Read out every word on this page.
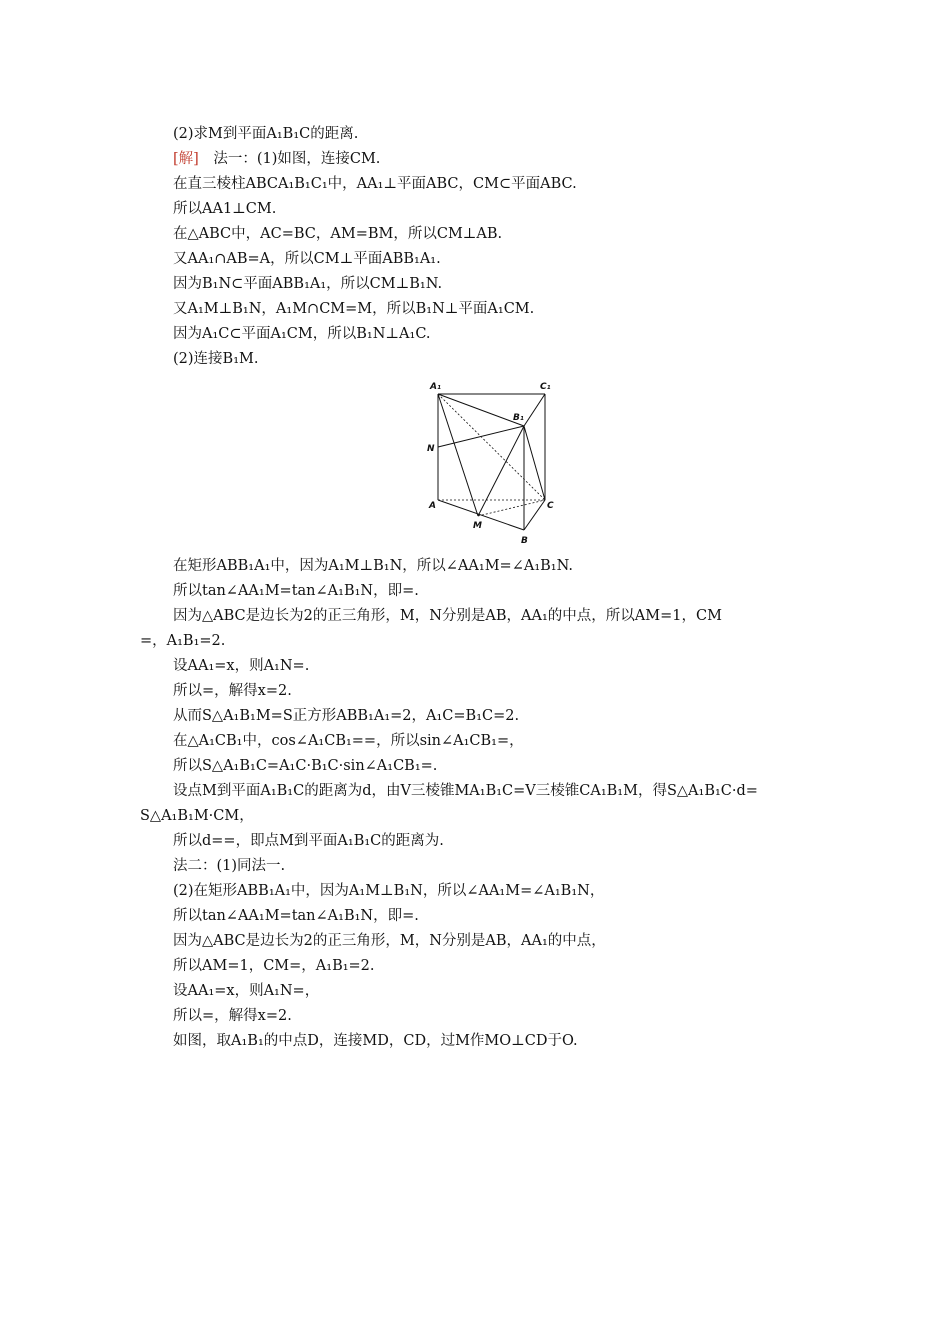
(2)求M到平面A₁B₁C的距离.
[解]　法一：(1)如图，连接CM.
在直三棱柱ABCA₁B₁C₁中，AA₁⊥平面ABC，CM⊂平面ABC.
所以AA1⊥CM.
在△ABC中，AC=BC，AM=BM，所以CM⊥AB.
又AA₁∩AB=A，所以CM⊥平面ABB₁A₁.
因为B₁N⊂平面ABB₁A₁，所以CM⊥B₁N.
又A₁M⊥B₁N，A₁M∩CM=M，所以B₁N⊥平面A₁CM.
因为A₁C⊂平面A₁CM，所以B₁N⊥A₁C.
(2)连接B₁M.
A₁	C₁
B₁
N
A	C
M
B
在矩形ABB₁A₁中，因为A₁M⊥B₁N，所以∠AA₁M=∠A₁B₁N.
所以tan∠AA₁M=tan∠A₁B₁N，即=.
因为△ABC是边长为2的正三角形，M，N分别是AB，AA₁的中点，所以AM=1，CM
=，A₁B₁=2.
设AA₁=x，则A₁N=.
所以=，解得x=2.
从而S△A₁B₁M=S正方形ABB₁A₁=2，A₁C=B₁C=2.
在△A₁CB₁中，cos∠A₁CB₁==，所以sin∠A₁CB₁=，
所以S△A₁B₁C=A₁C·B₁C·sin∠A₁CB₁=.
设点M到平面A₁B₁C的距离为d，由V三棱锥MA₁B₁C=V三棱锥CA₁B₁M，得S△A₁B₁C·d=
S△A₁B₁M·CM，
所以d==，即点M到平面A₁B₁C的距离为.
法二：(1)同法一.
(2)在矩形ABB₁A₁中，因为A₁M⊥B₁N，所以∠AA₁M=∠A₁B₁N，
所以tan∠AA₁M=tan∠A₁B₁N，即=.
因为△ABC是边长为2的正三角形，M，N分别是AB，AA₁的中点，
所以AM=1，CM=，A₁B₁=2.
设AA₁=x，则A₁N=，
所以=，解得x=2.
如图，取A₁B₁的中点D，连接MD，CD，过M作MO⊥CD于O.
